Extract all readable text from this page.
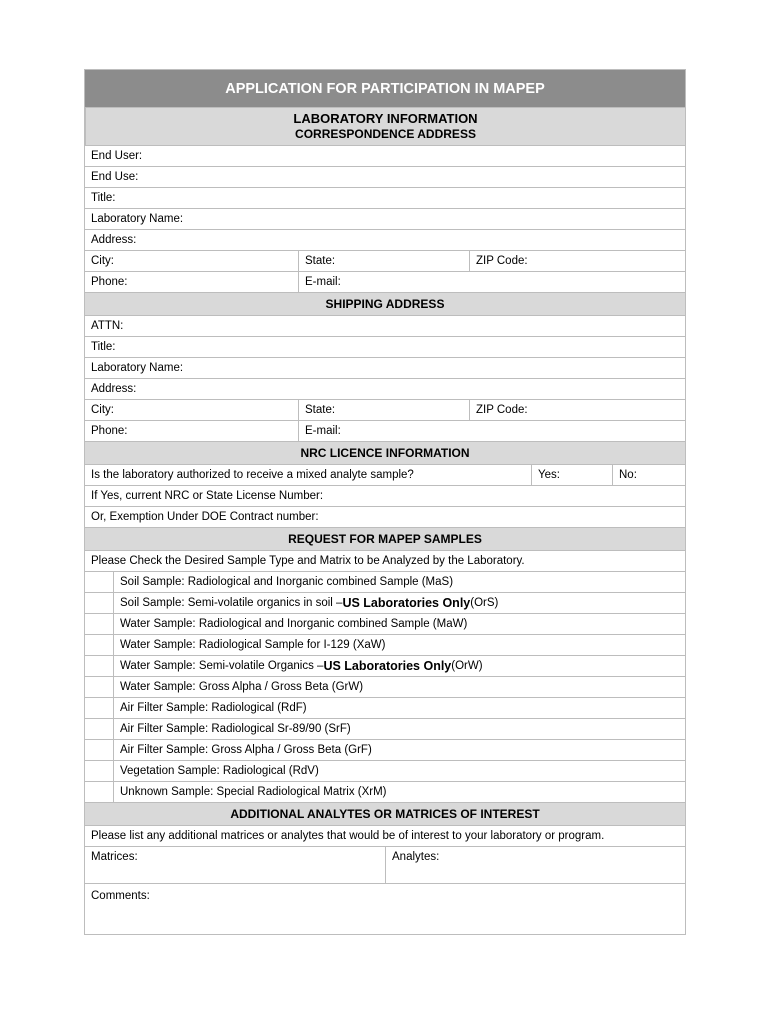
APPLICATION FOR PARTICIPATION IN MAPEP
LABORATORY INFORMATION
CORRESPONDENCE ADDRESS
End User:
End Use:
Title:
Laboratory Name:
Address:
City:	State:	ZIP Code:
Phone:	E-mail:
SHIPPING ADDRESS
ATTN:
Title:
Laboratory Name:
Address:
City:	State:	ZIP Code:
Phone:	E-mail:
NRC LICENCE INFORMATION
Is the laboratory authorized to receive a mixed analyte sample?	Yes:	No:
If Yes, current NRC or State License Number:
Or, Exemption Under DOE Contract number:
REQUEST FOR MAPEP SAMPLES
Please Check the Desired Sample Type and Matrix to be Analyzed by the Laboratory.
Soil Sample: Radiological and Inorganic combined Sample (MaS)
Soil Sample: Semi-volatile organics in soil – US Laboratories Only (OrS)
Water Sample: Radiological and Inorganic combined Sample (MaW)
Water Sample: Radiological Sample for I-129 (XaW)
Water Sample: Semi-volatile Organics – US Laboratories Only (OrW)
Water Sample: Gross Alpha / Gross Beta (GrW)
Air Filter Sample: Radiological (RdF)
Air Filter Sample: Radiological Sr-89/90 (SrF)
Air Filter Sample: Gross Alpha / Gross Beta (GrF)
Vegetation Sample: Radiological (RdV)
Unknown Sample: Special Radiological Matrix (XrM)
ADDITIONAL ANALYTES OR MATRICES OF INTEREST
Please list any additional matrices or analytes that would be of interest to your laboratory or program.
Matrices:	Analytes:
Comments:
